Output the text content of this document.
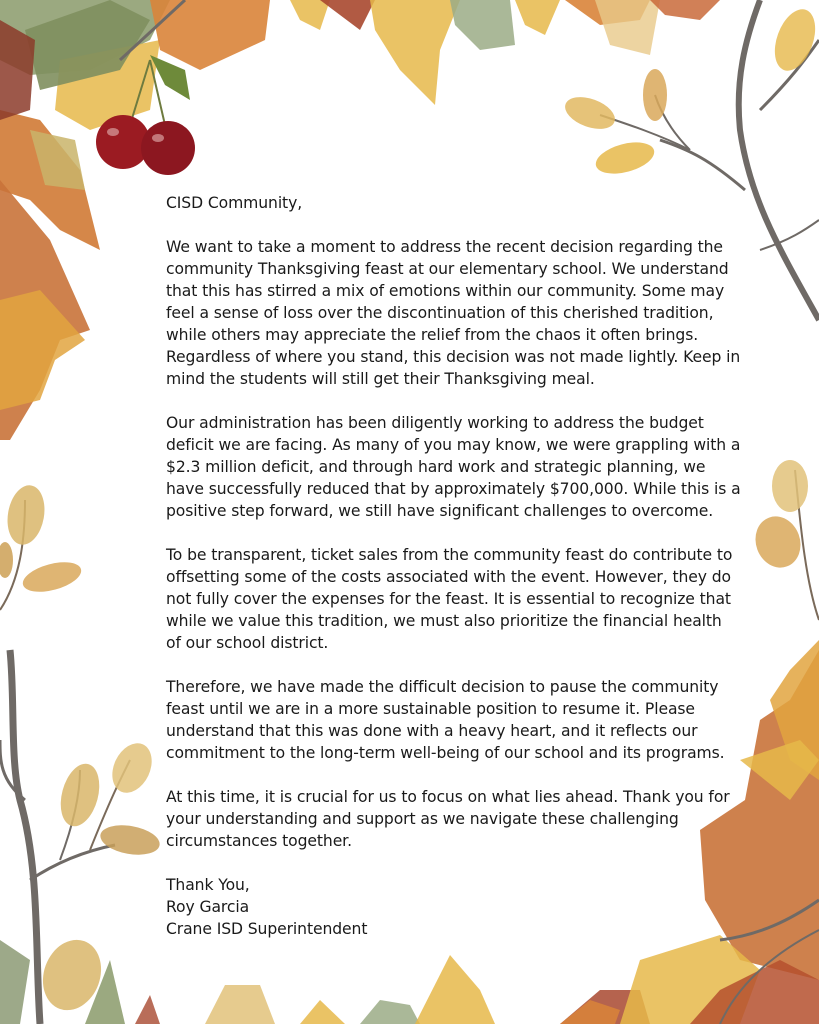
CISD Community,

We want to take a moment to address the recent decision regarding the community Thanksgiving feast at our elementary school. We understand that this has stirred a mix of emotions within our community. Some may feel a sense of loss over the discontinuation of this cherished tradition, while others may appreciate the relief from the chaos it often brings. Regardless of where you stand, this decision was not made lightly. Keep in mind the students will still get their Thanksgiving meal.

Our administration has been diligently working to address the budget deficit we are facing. As many of you may know, we were grappling with a $2.3 million deficit, and through hard work and strategic planning, we have successfully reduced that by approximately $700,000. While this is a positive step forward, we still have significant challenges to overcome.

To be transparent, ticket sales from the community feast do contribute to offsetting some of the costs associated with the event. However, they do not fully cover the expenses for the feast. It is essential to recognize that while we value this tradition, we must also prioritize the financial health of our school district.

Therefore, we have made the difficult decision to pause the community feast until we are in a more sustainable position to resume it. Please understand that this was done with a heavy heart, and it reflects our commitment to the long-term well-being of our school and its programs.

At this time, it is crucial for us to focus on what lies ahead. Thank you for your understanding and support as we navigate these challenging circumstances together.

Thank You,
Roy Garcia
Crane ISD Superintendent
